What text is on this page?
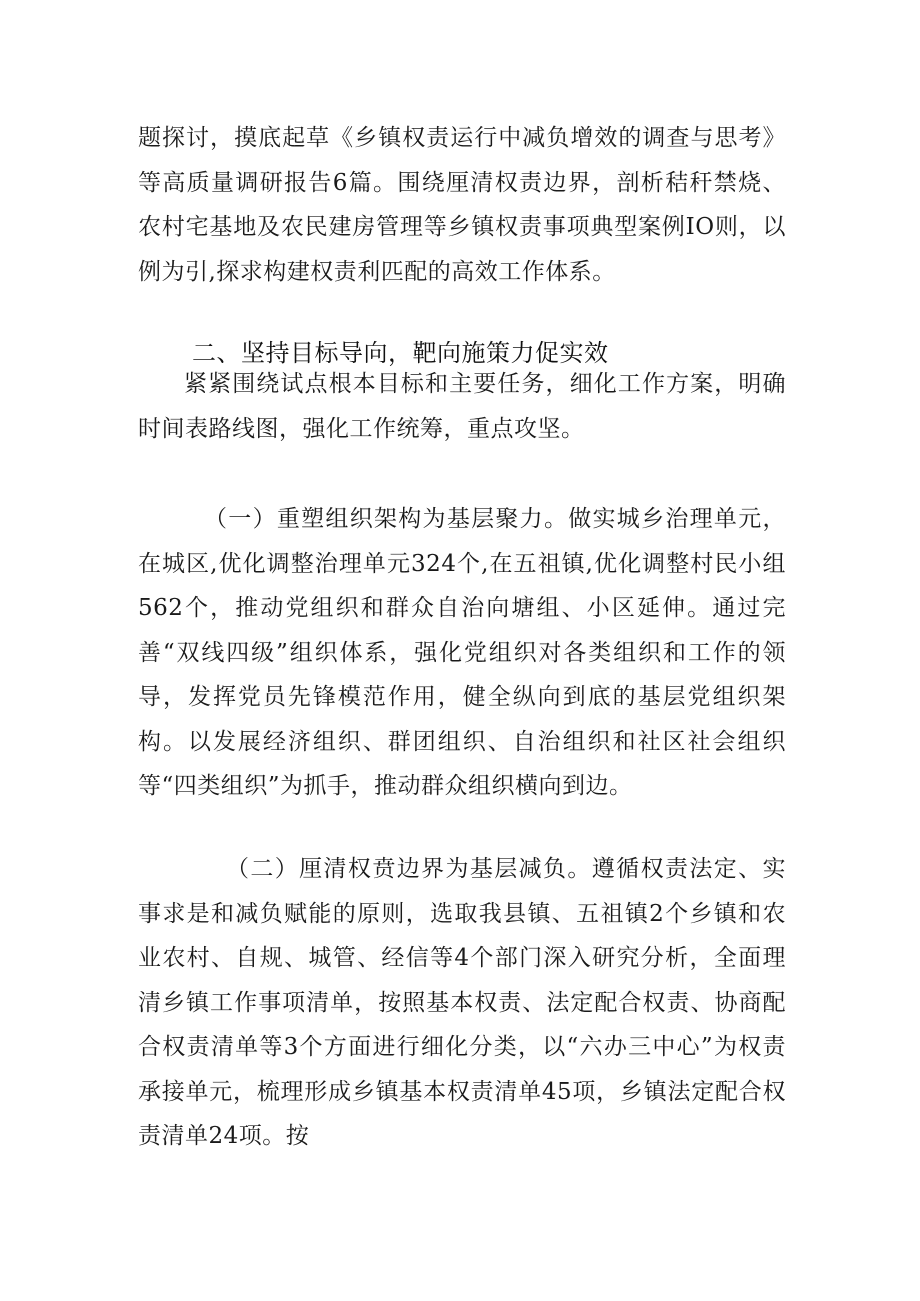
题探讨，摸底起草《乡镇权责运行中减负增效的调查与思考》等高质量调研报告6篇。围绕厘清权责边界，剖析秸秆禁烧、农村宅基地及农民建房管理等乡镇权责事项典型案例IO则，以例为引,探求构建权责利匹配的高效工作体系。

二、坚持目标导向，靶向施策力促实效

紧紧围绕试点根本目标和主要任务，细化工作方案，明确时间表路线图，强化工作统筹，重点攻坚。

（一）重塑组织架构为基层聚力。做实城乡治理单元，在城区,优化调整治理单元324个,在五祖镇,优化调整村民小组562个，推动党组织和群众自治向塘组、小区延伸。通过完善“双线四级”组织体系，强化党组织对各类组织和工作的领导，发挥党员先锋模范作用，健全纵向到底的基层党组织架构。以发展经济组织、群团组织、自治组织和社区社会组织等“四类组织”为抓手，推动群众组织横向到边。

（二）厘清权贲边界为基层减负。遵循权责法定、实事求是和减负赋能的原则，选取我县镇、五祖镇2个乡镇和农业农村、自规、城管、经信等4个部门深入研究分析，全面理清乡镇工作事项清单，按照基本权责、法定配合权责、协商配合权责清单等3个方面进行细化分类，以“六办三中心”为权责承接单元，梳理形成乡镇基本权责清单45项，乡镇法定配合权责清单24项。按
